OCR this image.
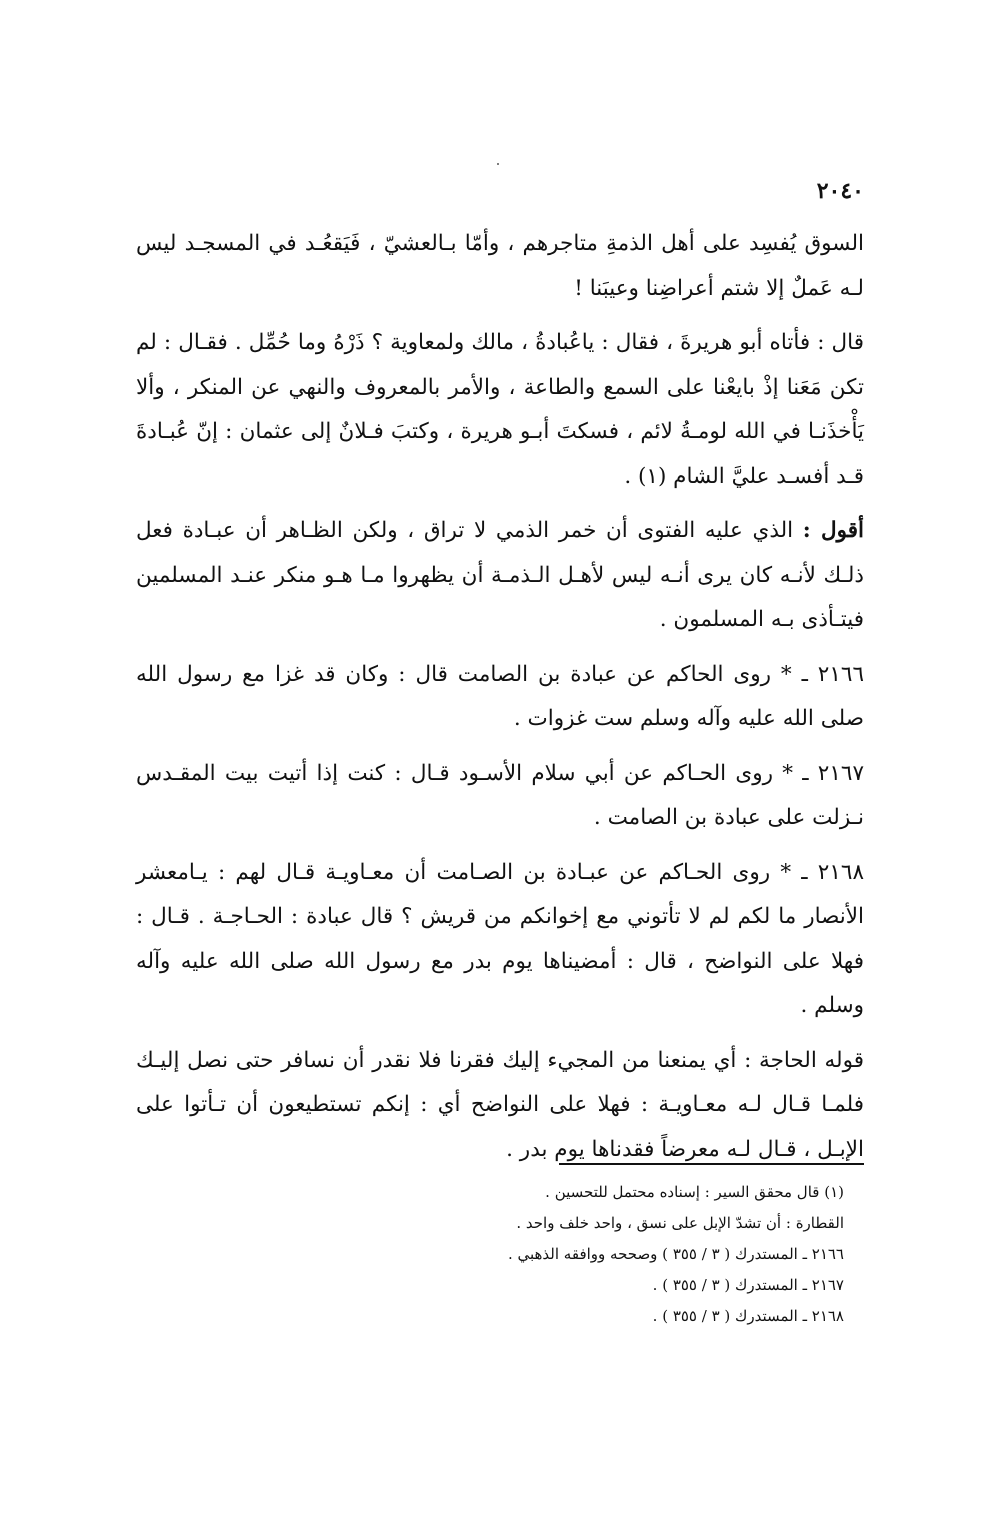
٢٠٤٠

السوق يُفسِد على أهل الذمةِ متاجرهم ، وأمّا بـالعشيّ ، فَيَقعُـد في المسجـد ليس لـه عَملٌ إلا شتم أعراضِنا وعيبَنا !

قال : فأتاه أبو هريرةَ ، فقال : ياعُبادةُ ، مالك ولمعاوية ؟ ذَرْهُ وما حُمِّل . فقـال : لم تكن مَعَنا إذْ بايعْنا على السمع والطاعة ، والأمر بالمعروف والنهي عن المنكر ، وألا يَأْخذَنـا في الله لومـةُ لائم ، فسكتَ أبـو هريرة ، وكتبَ فـلانٌ إلى عثمان : إنّ عُبـادةَ قـد أفسـد عليَّ الشام (١) .

أقول : الذي عليه الفتوى أن خمر الذمي لا تراق ، ولكن الظـاهر أن عبـادة فعل ذلـك لأنـه كان يرى أنـه ليس لأهـل الـذمـة أن يظهروا مـا هـو منكر عنـد المسلمين فيتـأذى بـه المسلمون .

٢١٦٦ ـ * روى الحاكم عن عبادة بن الصامت قال : وكان قد غزا مع رسول الله صلى الله عليه وآله وسلم ست غزوات .

٢١٦٧ ـ * روى الحـاكم عن أبي سلام الأسـود قـال : كنت إذا أتيت بيت المقـدس نـزلت على عبادة بن الصامت .

٢١٦٨ ـ * روى الحـاكم عن عبـادة بن الصـامت أن معـاويـة قـال لهم : يـامعشر الأنصار ما لكم لم لا تأتوني مع إخوانكم من قريش ؟ قال عبادة : الحـاجـة . قـال : فهلا على النواضح ، قال : أمضيناها يوم بدر مع رسول الله صلى الله عليه وآله وسلم .

قوله الحاجة : أي يمنعنا من المجيء إليك فقرنا فلا نقدر أن نسافر حتى نصل إليـك فلمـا قـال لـه معـاويـة : فهلا على النواضح أي : إنكم تستطيعون أن تـأتوا على الإبـل ، قـال لـه معرضاً فقدناها يوم بدر .

(١) قال محقق السير : إسناده محتمل للتحسين .

القطارة : أن تشدّ الإبل على نسق ، واحد خلف واحد .

٢١٦٦ ـ المستدرك ( ٣ / ٣٥٥ ) وصححه ووافقه الذهبي .

٢١٦٧ ـ المستدرك ( ٣ / ٣٥٥ ) .

٢١٦٨ ـ المستدرك ( ٣ / ٣٥٥ ) .
